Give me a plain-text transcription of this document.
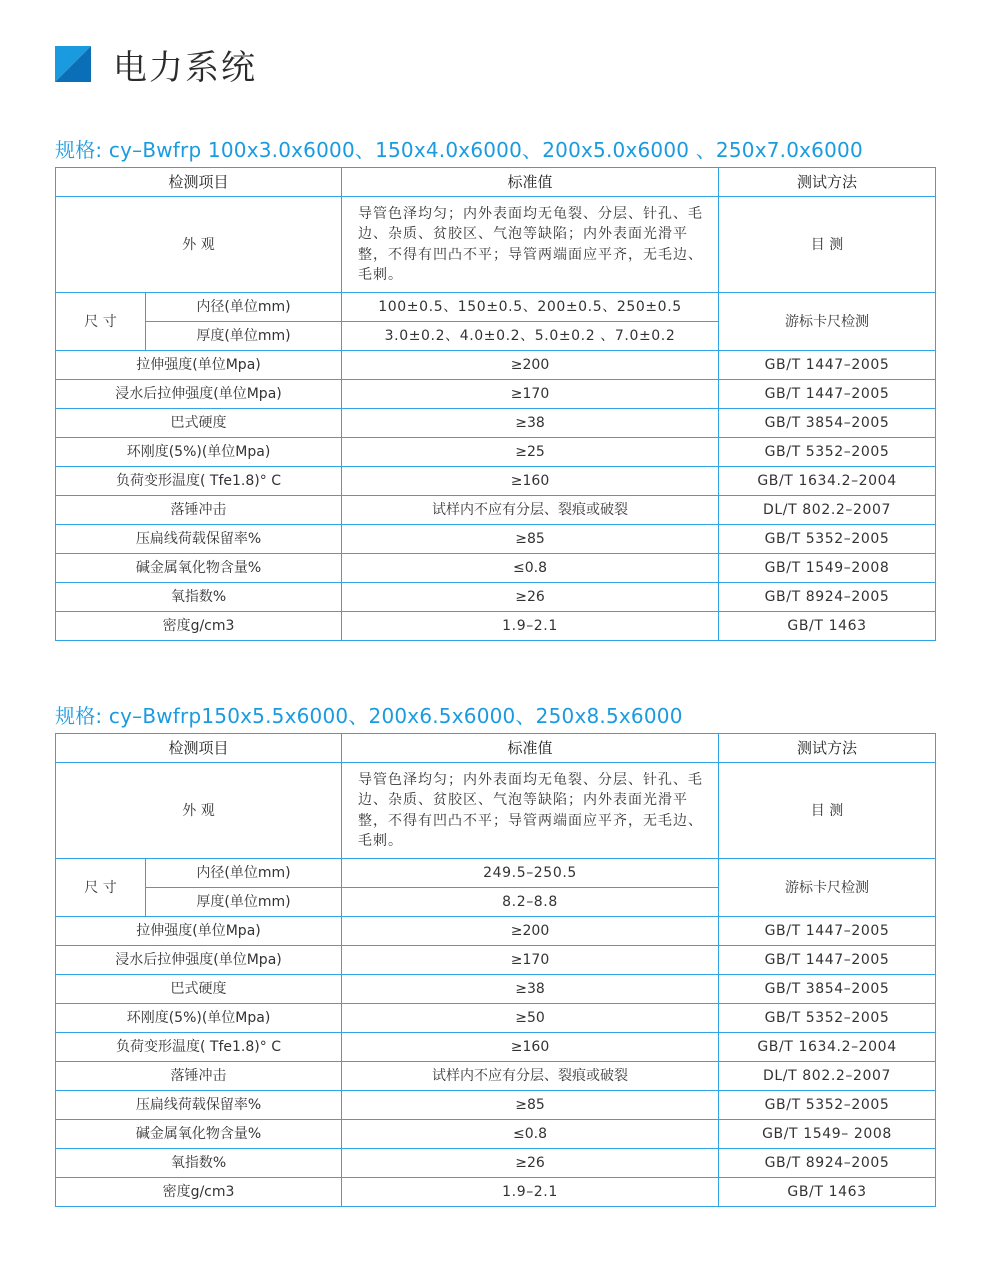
电力系统
规格: cy–Bwfrp 100x3.0x6000、150x4.0x6000、200x5.0x6000 、250x7.0x6000
检测项目		标准值	测试方法
外 观		导管色泽均匀；内外表面均无龟裂、分层、针孔、毛边、杂质、贫胶区、气泡等缺陷；内外表面光滑平整，不得有凹凸不平；导管两端面应平齐，无毛边、毛刺。	目 测
尺 寸	内径(单位mm)	100±0.5、150±0.5、200±0.5、250±0.5	游标卡尺检测
	厚度(单位mm)	3.0±0.2、4.0±0.2、5.0±0.2 、7.0±0.2	
拉伸强度(单位Mpa)		≥200	GB/T 1447–2005
浸水后拉伸强度(单位Mpa)		≥170	GB/T 1447–2005
巴式硬度		≥38	GB/T 3854–2005
环刚度(5%)(单位Mpa)		≥25	GB/T 5352–2005
负荷变形温度( Tfe1.8)° C		≥160	GB/T 1634.2–2004
落锤冲击		试样内不应有分层、裂痕或破裂	DL/T 802.2–2007
压扁线荷载保留率%		≥85	GB/T 5352–2005
碱金属氧化物含量%		≤0.8	GB/T 1549–2008
氧指数%		≥26	GB/T 8924–2005
密度g/cm3		1.9–2.1	GB/T 1463
规格: cy–Bwfrp150x5.5x6000、200x6.5x6000、250x8.5x6000
检测项目		标准值	测试方法
外 观		导管色泽均匀；内外表面均无龟裂、分层、针孔、毛边、杂质、贫胶区、气泡等缺陷；内外表面光滑平整，不得有凹凸不平；导管两端面应平齐，无毛边、毛刺。	目 测
尺 寸	内径(单位mm)	249.5–250.5	游标卡尺检测
	厚度(单位mm)	8.2–8.8	
拉伸强度(单位Mpa)		≥200	GB/T 1447–2005
浸水后拉伸强度(单位Mpa)		≥170	GB/T 1447–2005
巴式硬度		≥38	GB/T 3854–2005
环刚度(5%)(单位Mpa)		≥50	GB/T 5352–2005
负荷变形温度( Tfe1.8)° C		≥160	GB/T 1634.2–2004
落锤冲击		试样内不应有分层、裂痕或破裂	DL/T 802.2–2007
压扁线荷载保留率%		≥85	GB/T 5352–2005
碱金属氧化物含量%		≤0.8	GB/T 1549– 2008
氧指数%		≥26	GB/T 8924–2005
密度g/cm3		1.9–2.1	GB/T 1463
